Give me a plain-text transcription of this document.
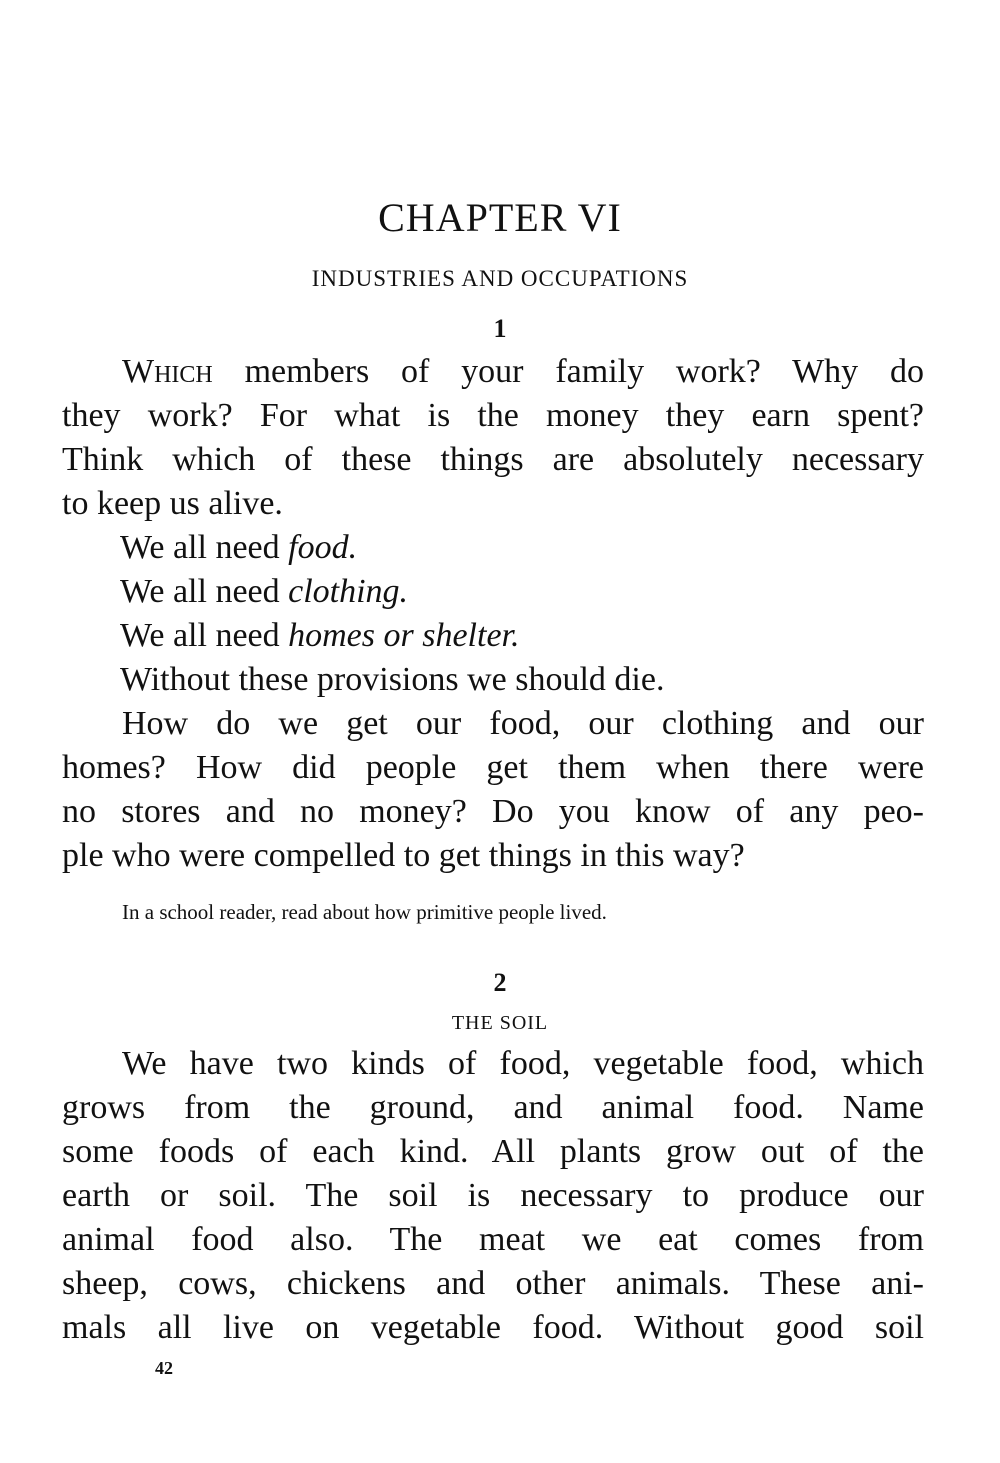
CHAPTER VI
INDUSTRIES AND OCCUPATIONS
1

Which members of your family work? Why do
they work? For what is the money they earn spent?
Think which of these things are absolutely necessary
to keep us alive.

We all need food.

We all need clothing.

We all need homes or shelter.

Without these provisions we should die.

How do we get our food, our clothing and our
homes? How did people get them when there were
no stores and no money? Do you know of any peo-
ple who were compelled to get things in this way?

In a school reader, read about how primitive people lived.

2
THE SOIL

We have two kinds of food, vegetable food, which
grows from the ground, and animal food. Name
some foods of each kind. All plants grow out of the
earth or soil. The soil is necessary to produce our
animal food also. The meat we eat comes from
sheep, cows, chickens and other animals. These ani-
mals all live on vegetable food. Without good soil

42
